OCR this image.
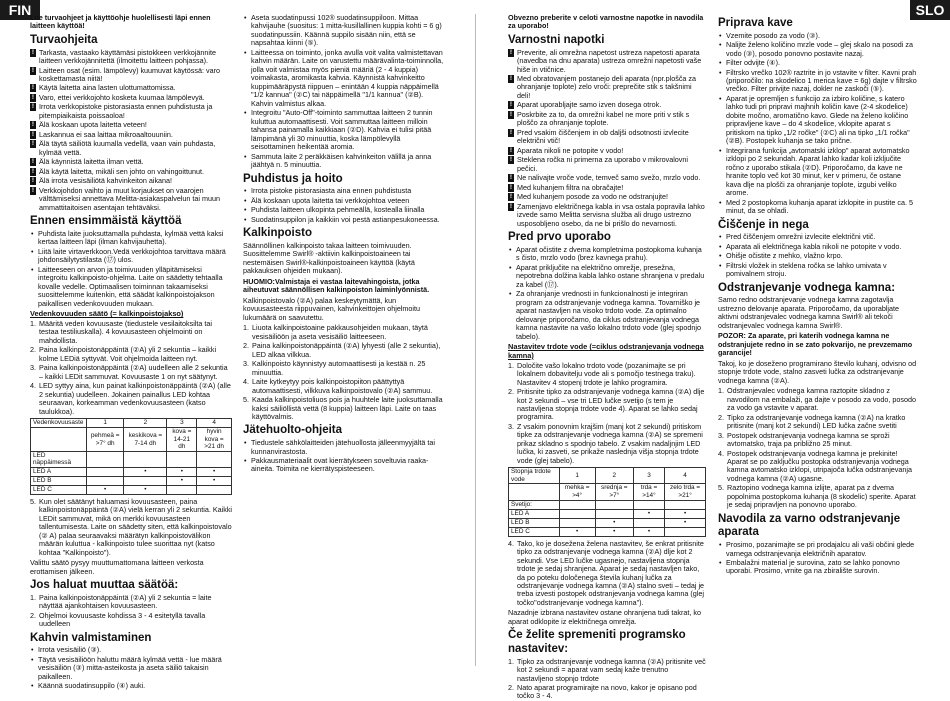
FIN	SLO

Lue turvaohjeet ja käyttöohje huolellisesti läpi ennen laitteen käyttöä!

Turvaohjeita
! Tarkasta, vastaako käyttämäsi pistokkeen verkkojännite laitteen verkkojännitettä (ilmoitettu laitteen pohjassa).
! Laitteen osat (esim. lämpölevy) kuumuvat käytössä: varo koskettamasta niitä!
! Käytä laitetta aina lasten ulottumattomissa.
! Varo, ettei verkkojohto kosketa kuumaa lämpölevyä.
! Irrota verkkopistoke pistorasiasta ennen puhdistusta ja pitempiaikaista poissaoloa!
! Älä koskaan upota laitetta veteen!
! Laskannua ei saa laittaa mikroaaltouuniin.
! Älä täytä säiliötä kuumalla vedellä, vaan vain puhdasta, kylmää vettä.
! Älä käynnistä laitetta ilman vettä.
! Älä käytä laitetta, mikäli sen johto on vahingoittunut.
! Älä irrota vesisäiliötä kahvinkeiton aikana!
! Verkkojohdon vaihto ja muut korjaukset on vaarojen välttämiseksi annettava Melitta-asiakaspalvelun tai muun ammattitaitoisen asentajan tehtäväksi.
Ennen ensimmäistä käyttöä
• Puhdista laite juoksuttamalla puhdasta, kylmää vettä kaksi kertaa laitteen läpi (ilman kahvijauhetta).
• Liitä laite virtaverkkoon.Vedä verkkojohtoa tarvittava määrä johdonsäilytystilasta (⑰) ulos.
• Laitteeseen on arvon ja toimivuuden ylläpitämiseksi integroitu kalkinpoisto-ohjelma. Laite on säädetty tehtaalla kovalle vedelle. Optimaalisen toiminnan takaamiseksi suosittelemme kuitenkin, että säädät kalkinpoistojakson paikallisen vedenkovuuden mukaan.
Vedenkovuuden säätö (= kalkinpoistojakso)
1. Määritä veden kovuusaste (tiedustele vesilaitoksilta tai testaa testiliuskalla). 4 kovuusasteen ohjelmointi on mahdollista.
2. Paina kalkinpoistonäppäintä (②A) yli 2 sekuntia – kaikki kolme LEDiä syttyvät. Voit ohjelmoida laitteen nyt.
3. Paina kalkinpoistonäppäintä (②A) uudelleen alle 2 sekuntia – kaikki LEDit sammuvat. Kovuusaste 1 on nyt säätynyt.
4. LED syttyy aina, kun painat kalkinpoistonäppäintä (②A) (alle 2 sekuntia) uudelleen. Jokainen painallus LED kohtaa seuraavan, korkeamman vedenkovuusasteen (katso taulukkoa).
Vedenkovuusaste	1	2	3	4
	pehmeä = >7° dh	keskikova = 7-14 dh	kova = 14-21 dh	hyvin kova = >21 dh
LED näppäimessä				
LED A		•	•	•
LED B			•	•
LED C	•	•		
5. Kun olet säätänyt haluamasi kovuusasteen, paina kalkinpoistonäppäintä (②A) vielä kerran yli 2 sekuntia. Kaikki LEDit sammuvat, mikä on merkki kovuusasteen tallentumisesta. Laite on säädetty siten, että kalkinpoistovalo (② A) palaa seuraavaksi määrätyn kalkinpoistovälikon määrän kuluttua - kalkinpoisto tulee suorittaa nyt (katso kohtaa "Kalkinpoisto").

Valittu säätö pysyy muuttumattomana laitteen verkosta erottamisen jälkeen.

Jos haluat muuttaa säätöä:
1. Paina kalkinpoistonäppäintä (②A) yli 2 sekuntia = laite näyttää ajankohtaisen kovuusasteen.
2. Ohjelmoi kovuusaste kohdissa 3 - 4 esitetyllä tavalla uudelleen
Kahvin valmistaminen
• Irrota vesisäiliö (③).
• Täytä vesisäiliöön haluttu määrä kylmää vettä - lue määrä vesisäiliön (③) mitta-asteikosta ja aseta säiliö takaisin paikalleen.
• Käännä suodatinsuppilo (④) auki.
• Aseta suodatinpussi 102® suodatinsuppiloon. Mittaa kahvijauhe (suositus: 1 mitta-kusillallinen kuppia kohti = 6 g) suodatinpussiin. Käännä suppilo sisään niin, että se napsahtaa kiinni (⑤).
• Laitteessa on toiminto, jonka avulla voit valita valmistettavan kahvin määrän. Laite on varustettu määrävalinta-toiminnolla, jolla voit valmistaa myös pieniä määriä (2 - 4 kuppia) voimakasta, aromikasta kahvia. Käynnistä kahvinkeitto kuppimääräpystä riippuen – enintään 4 kuppia näppäimellä "1/2 kannua" (②C) tai näppäimellä "1/1 kannua" (②B). Kahvin valmistus alkaa.
• Integroitu "Auto-Off"-toiminto sammuttaa laitteen 2 tunnin kuluttua automaattisesti. Voit sammuttaa laitteen milloin tahansa painamalla kaikkiaan (②D). Kahvia ei tulisi pitää lämpimänä yli 30 minuuttia, koska lämpölevyllä seisottaminen heikentää aromia.
• Sammuta laite 2 peräkkäisen kahvinkeiton välillä ja anna jäähtyä n. 5 minuuttia.
Puhdistus ja hoito
• Irrota pistoke pistorasiasta aina ennen puhdistusta
• Älä koskaan upota laitetta tai verkkojohtoa veteen
• Puhdista laitteen ulkopinta pehmeällä, kostealla liinalla
• Suodatinsuppilon ja kaikkiin voi pestä astianpesukoneessa.
Kalkinpoisto

Säännöllinen kalkinpoisto takaa laitteen toimivuuden. Suosittelemme Swirl® -aktiivin kalkinpoistoaineen tai nestemäisen Swirl®-kalkinpoistoaineen käyttöä (käytä pakkauksen ohjeiden mukaan).

HUOMIO:Valmistaja ei vastaa laitevahingoista, jotka aiheutuvat säännöllisen kalkinpoiston laiminlyönnistä.

Kalkinpoistovalo (②A) palaa keskeytymättä, kun kovuusasteesta riippuvainen, kahvinkeittojen ohjelmoitu lukumäärä on saavutettu.

1. Liuota kalkinpoistoaine pakkausohjeiden mukaan, täytä vesisäiliöön ja aseta vesisäiliö laitteeseen.
2. Paina kalkinpoistonäppäintä (②A) lyhyesti (alle 2 sekuntia), LED alkaa vilkkua.
3. Kalkinpoisto käynnistyy automaattisesti ja kestää n. 25 minuuttia.
4. Laite kytkeytyy pois kalkinpoistopiiton päättyttyä automaattisesti, vilkkuva kalkinpoistovalo (②A) sammuu.
5. Kaada kalkinpoistoliuos pois ja huuhtele laite juoksuttamalla kaksi säiliöllistä vettä (8 kuppia) laitteen läpi. Laite on taas käyttövalmis.
Jätehuolto-ohjeita
• Tiedustele sähkölaitteiden jätehuollosta jälleenmyyjältä tai kunnanvirastosta.
• Pakkausmateriaalit ovat kierrätykseen soveltuvia raaka-aineita. Toimita ne kierrätyspisteeseen.

Obvezno preberite v celoti varnostne napotke in navodila za uporabo!

Varnostni napotki
! Preverite, ali omrežna napetost ustreza napetosti aparata (navedba na dnu aparata) ustreza omrežni napetosti vaše hiše in vtičnice.
! Med obratovanjem postanejo deli aparata (npr.plošča za ohranjanje toplote) zelo vroči: preprečite stik s takšnimi deli!
! Aparat uporabljajte samo izven dosega otrok.
! Poskrbite za to, da omrežni kabel ne more priti v stik s ploščo za ohranjanje toplote.
! Pred vsakim čiščenjem in ob daljši odsotnosti izvlecite električni vtič!
! Aparata nikoli ne potopite v vodo!
! Steklena ročka ni primerna za uporabo v mikrovalovni pečici.
! Ne nalivajte vroče vode, temveč samo svežo, mrzlo vodo.
! Med kuhanjem filtra na obračajte!
! Med kuhanjem posode za vodo ne odstranjujte!
! Zamenjavo električnega kabla in vsa ostala popravila lahko izvede samo Melitta servisna služba ali drugo ustrezno usposobljeno osebo, da ne bi prišlo do nevarnosti.
Pred prvo uporabo
• Aparat očistite z dvema kompletnima postopkoma kuhanja s čisto, mrzlo vodo (brez kavnega prahu).
• Aparat priključite na električno omrežje, presežna, nepotrebna dolžina kabla lahko ostane shranjena v predalu za kabel (⑰).
• Za ohranjanje vrednosti in funkcionalnosti je integriran program za odstranjevanje vodnega kamna. Tovarniško je aparat nastavljen na visoko trdoto vode. Za optimalno delovanje priporočamo, da ciklus odstranjevanja vodnega kamna nastavite na vašo lokalno trdoto vode (glej spodnjo tabelo).
Nastavitev trdote vode (=ciklus odstranjevanja vodnega kamna)
1. Določite vašo lokalno trdoto vode (pozanimajte se pri lokalnem dobavitelju vode ali s pomočjo testnega traku). Nastavitev 4 stopenj trdote je lahko programira.
2. Pritisnite tipko za odstranjevanje vodnega kamna (②A) dlje kot 2 sekundi – vse tri LED lučke svetijo (s tem je nastavljena stopnja trdote vode 4). Aparat se lahko sedaj programira.
3. Z vsakim ponovnim krajšim (manj kot 2 sekundi) pritiskom tipke za odstranjevanje vodnega kamna (②A) se spremeni prikaz skladno s spodnjo tabelo. Z vsakim nadaljnjim LED lučka, ki zasveti, se prikaže naslednja višja stopnja trdote vode (glej tabelo).
Stopnja trdote vode	1	2	3	4
	mehka = >4°	srednja = >7°	trda = >14°	zelo trda = >21°
Svetijo:				
LED A			•	•
LED B		•		•
LED C	•	•	•	
4. Tako, ko je dosežena želena nastavitev, še enkrat pritisnite tipko za odstranjevanje vodnega kamna (②A) dlje kot 2 sekundi. Vse LED lučke ugasnejo, nastavljena stopnja trdote je sedaj shranjena. Aparat je sedaj nastavljen tako, da po poteku določenega števila kuhanj lučka za odstranjevanje vodnega kamna (②A) stalno sveti – tedaj je treba izvesti postopek odstranjevanja vodnega kamna (glej točko"odstranjevanje vodnega kamna").

Nazadnje izbrana nastavitev ostane ohranjena tudi takrat, ko aparat odklopite iz električnega omrežja.

Če želite spremeniti programsko nastavitev:
1. Tipko za odstranjevanje vodnega kamna (②A) pritisnite več kot 2 sekundi = aparat vam sedaj kaže trenutno nastavljeno stopnjo trdote
2. Nato aparat programirajte na novo, kakor je opisano pod točko 3 - 4.
Priprava kave
• Vzemite posodo za vodo (③).
• Nalijte želeno količino mrzle vode – glej skalo na posodi za vodo (③), posodo ponovno postavite nazaj.
• Filter odvijte (④).
• Filtrsko vrečko 102® raztrite in jo vstavite v filter. Kavni prah (priporočilo: na skodelico 1 merica kave = 6g) dajte v filtrsko vrečko. Filter privijte nazaj, dokler ne zaskoči (⑤).
• Aparat je opremljen s funkcijo za izbiro količine, s katero lahko tudi pri pripravi majhnih količin kave (2-4 skodelice) dobite močno, aromatično kavo. Glede na želeno količino pripravljene kave – do 4 skodelice, vklopite aparat s pritiskom na tipko „1/2 ročke" (②C) ali na tipko „1/1 ročka" (②B). Postopek kuhanja se tako prične.
• Integrirana funkcija „avtomatski izklop" aparat avtomatsko izklopi po 2 sekundah. Aparat lahko kadar koli izključite ročno z uporabo stikala (②D). Priporočamo, da kave ne hranite toplo več kot 30 minut, ker v primeru, če ostane kava dlje na plošči za ohranjanje toplote, izgubi veliko arome.
• Med 2 postopkoma kuhanja aparat izklopite in pustite ca. 5 minut, da se ohladi.
Čiščenje in nega
• Pred čiščenjem omrežni izvlecite električni vtič.
• Aparata ali električnega kabla nikoli ne potopite v vodo.
• Ohišje očistite z mehko, vlažno krpo.
• Filtrski vložek in steklena ročka se lahko umivata v pomivalnem stroju.
Odstranjevanje vodnega kamna:

Samo redno odstranjevanje vodnega kamna zagotavlja ustrezno delovanje aparata. Priporočamo, da uporabljate aktivni odstranjevalec vodnega kamna Swirl® ali tekoči odstranjevalec vodnega kamna Swirl®.

POZOR: Za aparate, pri katerih vodnega kamna ne odstranjujete redno in se zato pokvarijo, ne prevzemamo garancije!

Takoj, ko je doseženo programirano število kuhanj, odvisno od stopnje trdote vode, stalno zasveti lučka za odstranjevanje vodnega kamna (②A).

1. Odstranjevalec vodnega kamna raztopite skladno z navodilom na embalaži, ga dajte v posodo za vodo, posodo za vodo ga vstavite v aparat.
2. Tipko za odstranjevanje vodnega kamna (②A) na kratko pritisnite (manj kot 2 sekundi) LED lučka začne svetiti
3. Postopek odstranjevanja vodnega kamna se sproži avtomatsko, traja pa približno 25 minut.
4. Postopek odstranjevanja vodnega kamna je prekinite! Aparat se po zaključku postopka odstranjevanja vodnega kamna avtomatsko izklopi, utripajoča lučka odstranjevanja vodnega kamna (②A) ugasne.
5. Raztopino vodnega kamna izlijte, aparat pa z dvema popolnima postopkoma kuhanja (8 skodelic) sperite. Aparat je sedaj pripravljen na ponovno uporabo.
Navodila za varno odstranjevanje aparata
• Prosimo, pozanimajte se pri prodajalcu ali vaši občini glede varnega odstranjevanja električnih aparatov.
• Embalažni material je surovina, zato se lahko ponovno uporabi. Prosimo, vrnite ga na zbiralište surovin.
